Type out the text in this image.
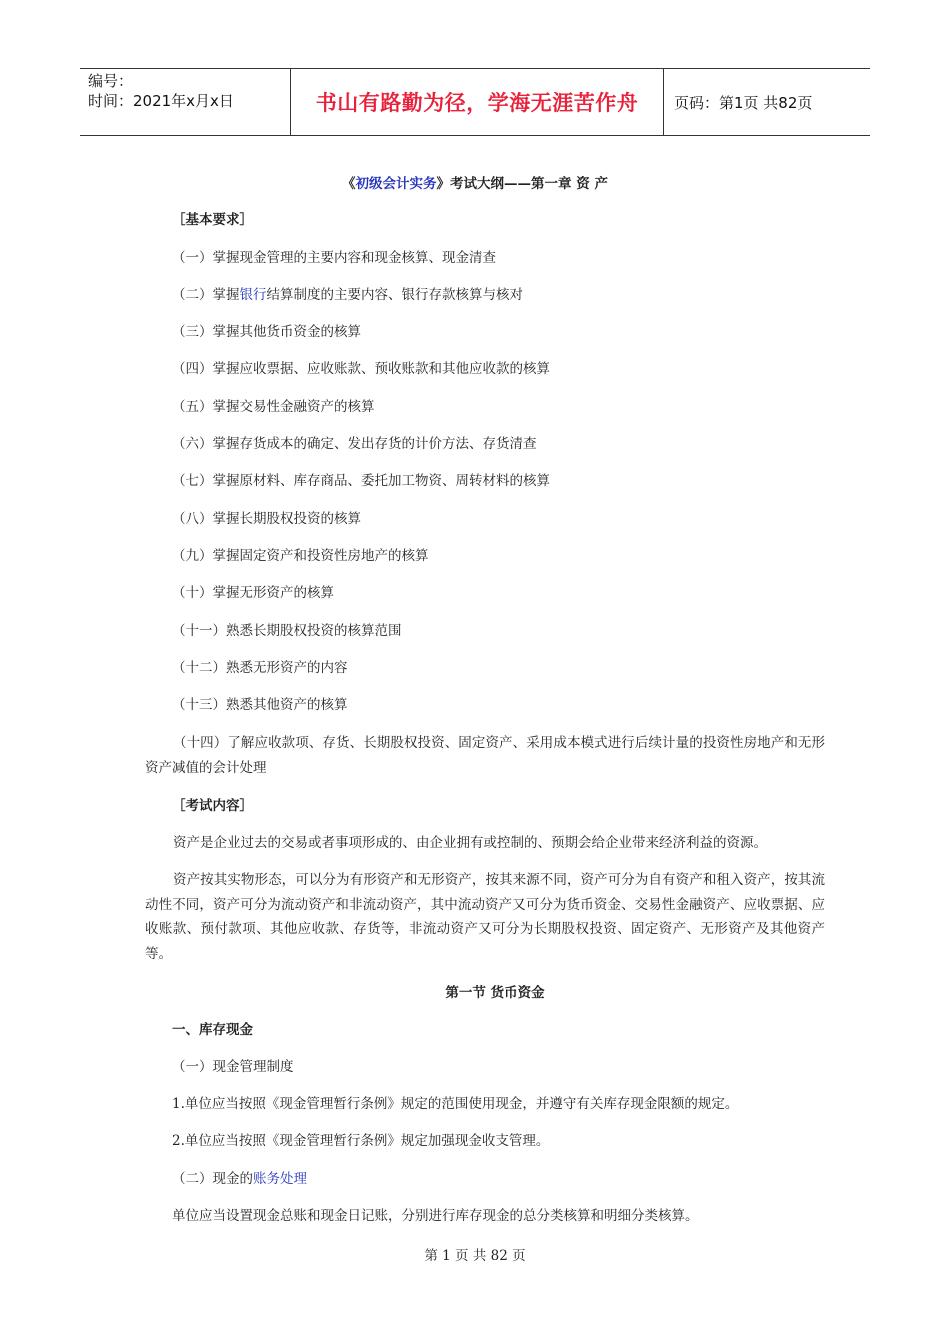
编号：
时间：2021年x月x日	书山有路勤为径，学海无涯苦作舟	页码：第1页 共82页
《初级会计实务》考试大纲——第一章 资 产
［基本要求］
（一）掌握现金管理的主要内容和现金核算、现金清查
（二）掌握银行结算制度的主要内容、银行存款核算与核对
（三）掌握其他货币资金的核算
（四）掌握应收票据、应收账款、预收账款和其他应收款的核算
（五）掌握交易性金融资产的核算
（六）掌握存货成本的确定、发出存货的计价方法、存货清查
（七）掌握原材料、库存商品、委托加工物资、周转材料的核算
（八）掌握长期股权投资的核算
（九）掌握固定资产和投资性房地产的核算
（十）掌握无形资产的核算
（十一）熟悉长期股权投资的核算范围
（十二）熟悉无形资产的内容
（十三）熟悉其他资产的核算
（十四）了解应收款项、存货、长期股权投资、固定资产、采用成本模式进行后续计量的投资性房地产和无形资产减值的会计处理
［考试内容］
资产是企业过去的交易或者事项形成的、由企业拥有或控制的、预期会给企业带来经济利益的资源。
资产按其实物形态，可以分为有形资产和无形资产，按其来源不同，资产可分为自有资产和租入资产，按其流动性不同，资产可分为流动资产和非流动资产，其中流动资产又可分为货币资金、交易性金融资产、应收票据、应收账款、预付款项、其他应收款、存货等，非流动资产又可分为长期股权投资、固定资产、无形资产及其他资产等。
第一节 货币资金
一、库存现金
（一）现金管理制度
1.单位应当按照《现金管理暂行条例》规定的范围使用现金，并遵守有关库存现金限额的规定。
2.单位应当按照《现金管理暂行条例》规定加强现金收支管理。
（二）现金的账务处理
单位应当设置现金总账和现金日记账，分别进行库存现金的总分类核算和明细分类核算。
第 1 页 共 82 页
